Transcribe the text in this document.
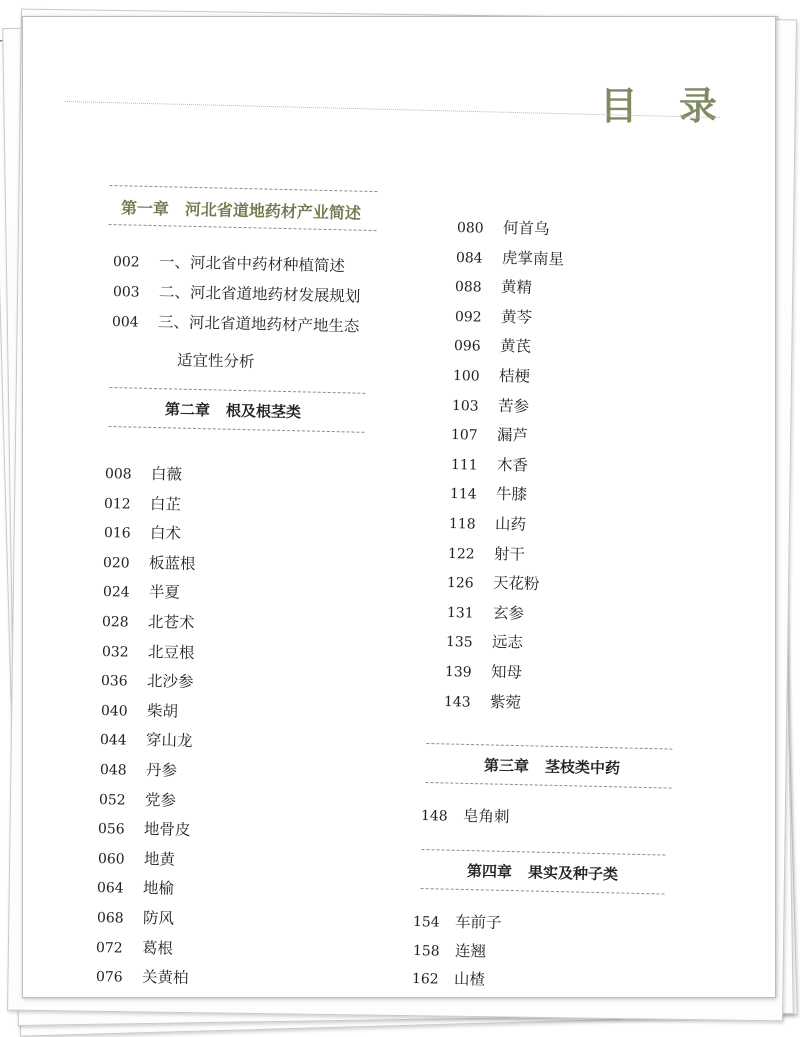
目 录
第一章 河北省道地药材产业简述
002 一、河北省中药材种植简述
003 二、河北省道地药材发展规划
004 三、河北省道地药材产地生态
适宜性分析
第二章 根及根茎类
008 白薇
012 白芷
016 白术
020 板蓝根
024 半夏
028 北苍术
032 北豆根
036 北沙参
040 柴胡
044 穿山龙
048 丹参
052 党参
056 地骨皮
060 地黄
064 地榆
068 防风
072 葛根
076 关黄柏
080 何首乌
084 虎掌南星
088 黄精
092 黄芩
096 黄芪
100 桔梗
103 苦参
107 漏芦
111 木香
114 牛膝
118 山药
122 射干
126 天花粉
131 玄参
135 远志
139 知母
143 紫菀
第三章 茎枝类中药
148 皂角刺
第四章 果实及种子类
154 车前子
158 连翘
162 山楂
